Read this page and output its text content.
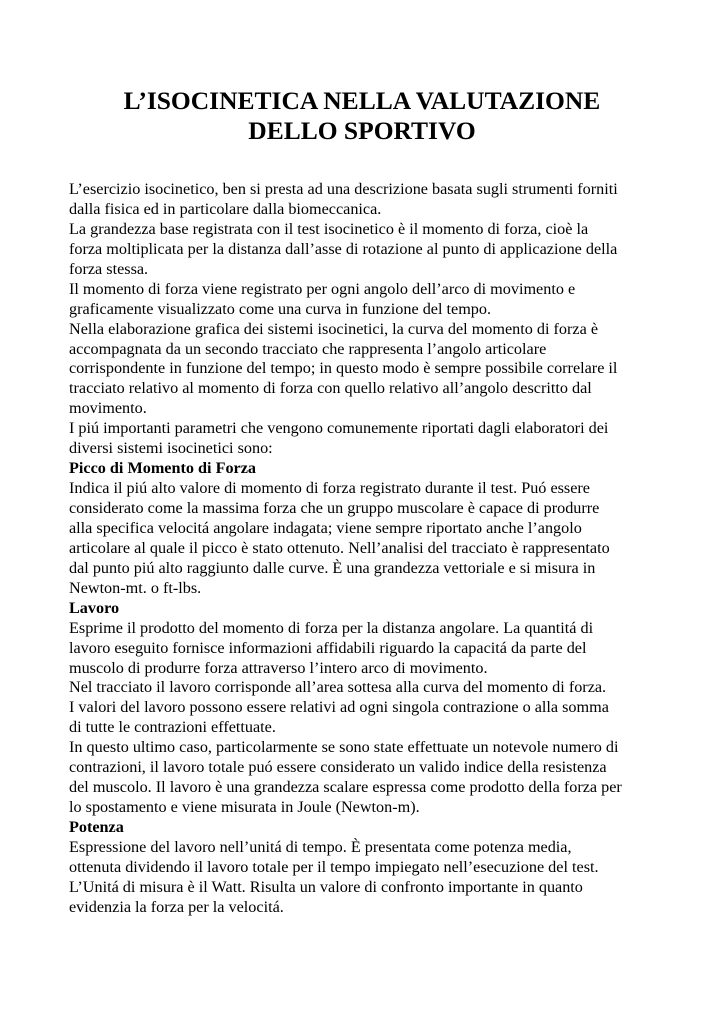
L’ISOCINETICA NELLA VALUTAZIONE
DELLO SPORTIVO
L’esercizio isocinetico, ben si presta ad una descrizione basata sugli strumenti forniti
dalla fisica ed in particolare dalla biomeccanica.
La grandezza base registrata con il test isocinetico è il momento di forza, cioè la
forza moltiplicata per la distanza dall’asse di rotazione al punto di applicazione della
forza stessa.
Il momento di forza viene registrato per ogni angolo dell’arco di movimento e
graficamente visualizzato come una curva in funzione del tempo.
Nella elaborazione grafica dei sistemi isocinetici, la curva del momento di forza è
accompagnata da un secondo tracciato che rappresenta l’angolo articolare
corrispondente in funzione del tempo; in questo modo è sempre possibile correlare il
tracciato relativo al momento di forza con quello relativo all’angolo descritto dal
movimento.
I piú importanti parametri che vengono comunemente riportati dagli elaboratori dei
diversi sistemi isocinetici sono:
Picco di Momento di Forza
Indica il piú alto valore di momento di forza registrato durante il test. Puó essere
considerato come la massima forza che un gruppo muscolare è capace di produrre
alla specifica velocitá angolare indagata; viene sempre riportato anche l’angolo
articolare al quale il picco è stato ottenuto. Nell’analisi del tracciato è rappresentato
dal punto piú alto raggiunto dalle curve. È una grandezza vettoriale e si misura in
Newton-mt. o ft-lbs.
Lavoro
Esprime il prodotto del momento di forza per la distanza angolare. La quantitá di
lavoro eseguito fornisce informazioni affidabili riguardo la capacitá da parte del
muscolo di produrre forza attraverso l’intero arco di movimento.
Nel tracciato il lavoro corrisponde all’area sottesa alla curva del momento di forza.
I valori del lavoro possono essere relativi ad ogni singola contrazione o alla somma
di tutte le contrazioni effettuate.
In questo ultimo caso, particolarmente se sono state effettuate un notevole numero di
contrazioni, il lavoro totale puó essere considerato un valido indice della resistenza
del muscolo. Il lavoro è una grandezza scalare espressa come prodotto della forza per
lo spostamento e viene misurata in Joule (Newton-m).
Potenza
Espressione del lavoro nell’unitá di tempo. È presentata come potenza media,
ottenuta dividendo il lavoro totale per il tempo impiegato nell’esecuzione del test.
L’Unitá di misura è il Watt. Risulta un valore di confronto importante in quanto
evidenzia la forza per la velocitá.
